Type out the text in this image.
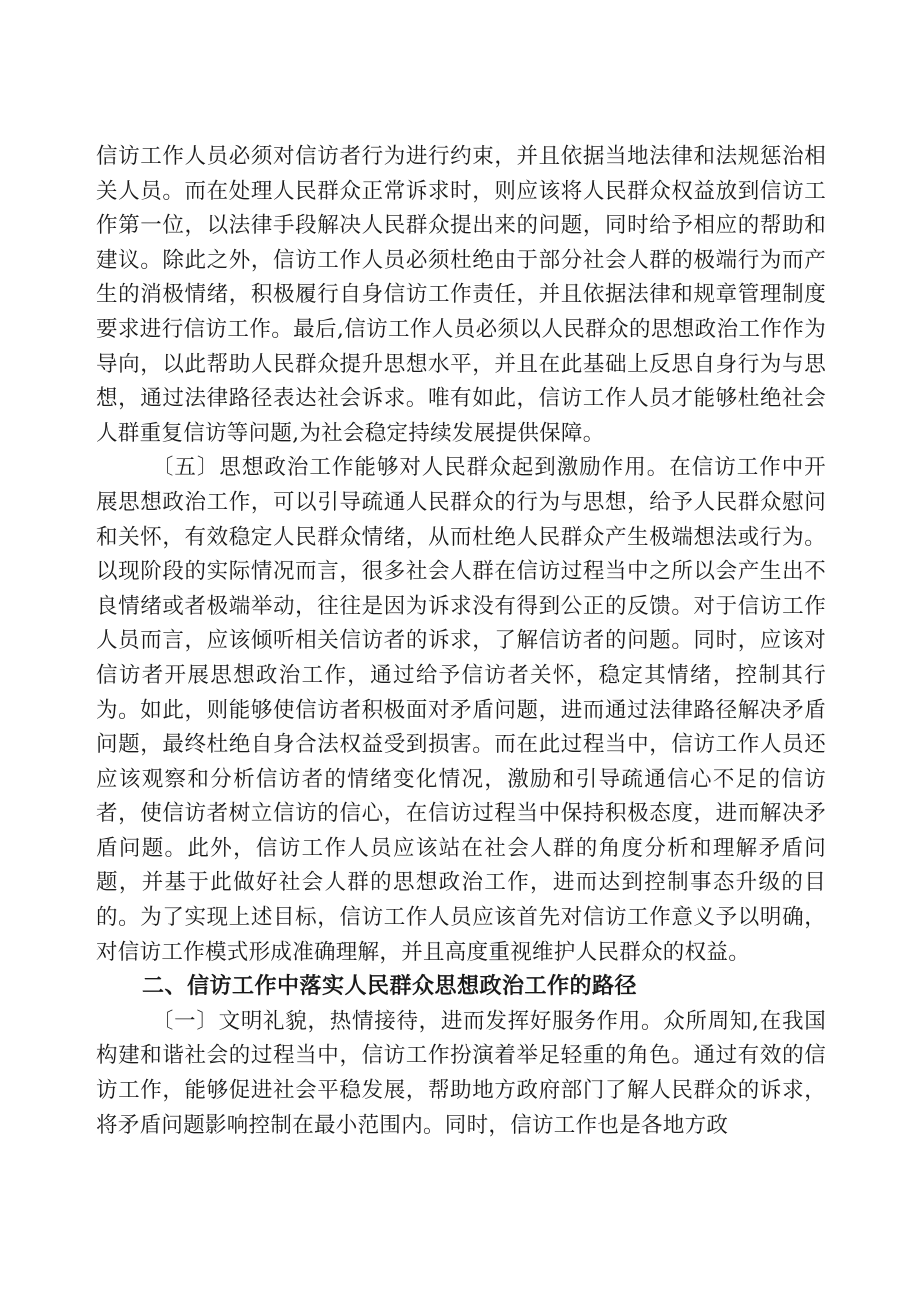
信访工作人员必须对信访者行为进行约束，并且依据当地法律和法规惩治相关人员。而在处理人民群众正常诉求时，则应该将人民群众权益放到信访工作第一位，以法律手段解决人民群众提出来的问题，同时给予相应的帮助和建议。除此之外，信访工作人员必须杜绝由于部分社会人群的极端行为而产生的消极情绪，积极履行自身信访工作责任，并且依据法律和规章管理制度要求进行信访工作。最后,信访工作人员必须以人民群众的思想政治工作作为导向，以此帮助人民群众提升思想水平，并且在此基础上反思自身行为与思想，通过法律路径表达社会诉求。唯有如此，信访工作人员才能够杜绝社会人群重复信访等问题,为社会稳定持续发展提供保障。

〔五〕思想政治工作能够对人民群众起到激励作用。在信访工作中开展思想政治工作，可以引导疏通人民群众的行为与思想，给予人民群众慰问和关怀，有效稳定人民群众情绪，从而杜绝人民群众产生极端想法或行为。以现阶段的实际情况而言，很多社会人群在信访过程当中之所以会产生出不良情绪或者极端举动，往往是因为诉求没有得到公正的反馈。对于信访工作人员而言，应该倾听相关信访者的诉求，了解信访者的问题。同时，应该对信访者开展思想政治工作，通过给予信访者关怀，稳定其情绪，控制其行为。如此，则能够使信访者积极面对矛盾问题，进而通过法律路径解决矛盾问题，最终杜绝自身合法权益受到损害。而在此过程当中，信访工作人员还应该观察和分析信访者的情绪变化情况，激励和引导疏通信心不足的信访者，使信访者树立信访的信心，在信访过程当中保持积极态度，进而解决矛盾问题。此外，信访工作人员应该站在社会人群的角度分析和理解矛盾问题，并基于此做好社会人群的思想政治工作，进而达到控制事态升级的目的。为了实现上述目标，信访工作人员应该首先对信访工作意义予以明确，对信访工作模式形成准确理解，并且高度重视维护人民群众的权益。

二、信访工作中落实人民群众思想政治工作的路径

〔一〕文明礼貌，热情接待，进而发挥好服务作用。众所周知,在我国构建和谐社会的过程当中，信访工作扮演着举足轻重的角色。通过有效的信访工作，能够促进社会平稳发展，帮助地方政府部门了解人民群众的诉求，将矛盾问题影响控制在最小范围内。同时，信访工作也是各地方政
